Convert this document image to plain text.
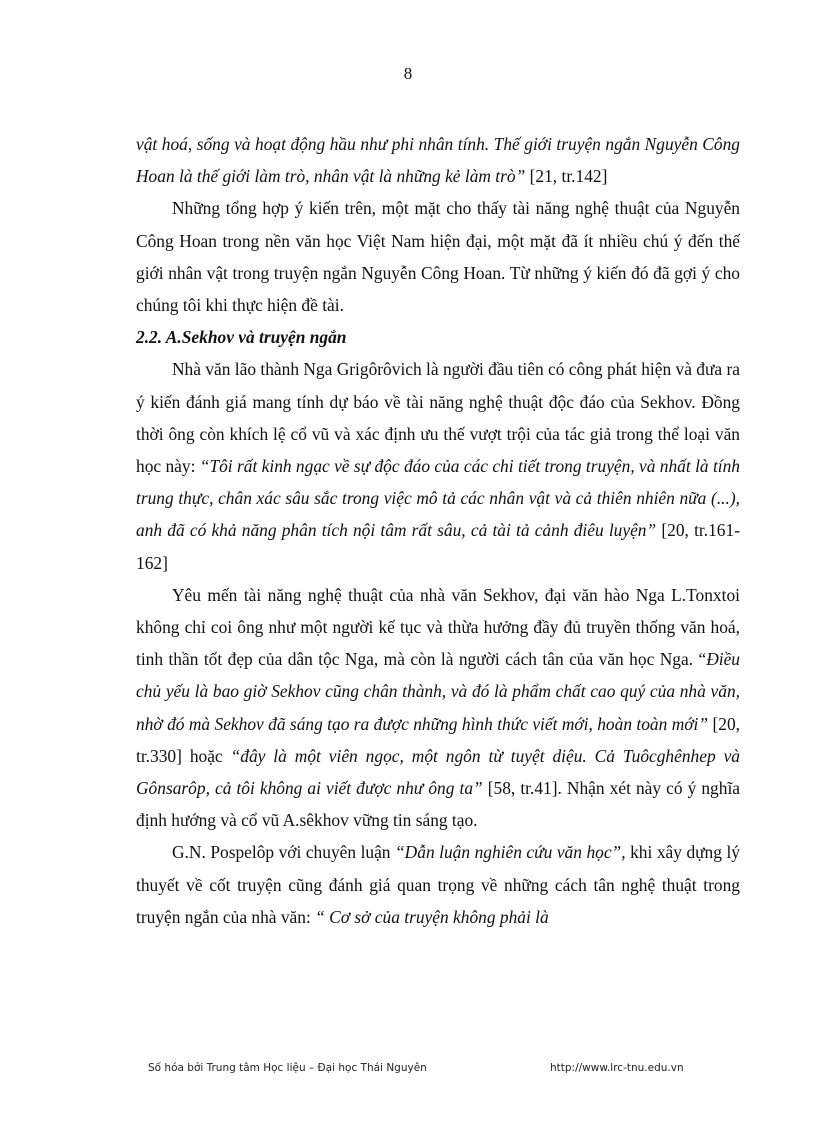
8

vật hoá, sống và hoạt động hầu như phi nhân tính. Thế giới truyện ngắn Nguyễn Công Hoan là thế giới làm trò, nhân vật là những kẻ làm trò” [21, tr.142]

Những tổng hợp ý kiến trên, một mặt cho thấy tài năng nghệ thuật của Nguyễn Công Hoan trong nền văn học Việt Nam hiện đại, một mặt đã ít nhiều chú ý đến thế giới nhân vật trong truyện ngắn Nguyễn Công Hoan. Từ những ý kiến đó đã gợi ý cho chúng tôi khi thực hiện đề tài.

2.2. A.Sekhov và truyện ngắn

Nhà văn lão thành Nga Grigôrôvich là người đầu tiên có công phát hiện và đưa ra ý kiến đánh giá mang tính dự báo về tài năng nghệ thuật độc đáo của Sekhov. Đồng thời ông còn khích lệ cổ vũ và xác định ưu thế vượt trội của tác giả trong thể loại văn học này: “Tôi rất kinh ngạc về sự độc đáo của các chi tiết trong truyện, và nhất là tính trung thực, chân xác sâu sắc trong việc mô tả các nhân vật và cả thiên nhiên nữa (...), anh đã có khả năng phân tích nội tâm rất sâu, cả tài tả cảnh điêu luyện” [20, tr.161-162]

Yêu mến tài năng nghệ thuật của nhà văn Sekhov, đại văn hào Nga L.Tonxtoi không chỉ coi ông như một người kế tục và thừa hưởng đầy đủ truyền thống văn hoá, tinh thần tốt đẹp của dân tộc Nga, mà còn là người cách tân của văn học Nga. “Điều chủ yếu là bao giờ Sekhov cũng chân thành, và đó là phẩm chất cao quý của nhà văn, nhờ đó mà Sekhov đã sáng tạo ra được những hình thức viết mới, hoàn toàn mới” [20, tr.330] hoặc “đây là một viên ngọc, một ngôn từ tuyệt diệu. Cả Tuôcghênhep và Gônsarôp, cả tôi không ai viết được như ông ta” [58, tr.41]. Nhận xét này có ý nghĩa định hướng và cổ vũ A.sêkhov vững tin sáng tạo.

G.N. Pospelôp với chuyên luận “Dẫn luận nghiên cứu văn học”, khi xây dựng lý thuyết về cốt truyện cũng đánh giá quan trọng về những cách tân nghệ thuật trong truyện ngắn của nhà văn: “ Cơ sở của truyện không phải là

Số hóa bởi Trung tâm Học liệu – Đại học Thái Nguyên	http://www.lrc-tnu.edu.vn
